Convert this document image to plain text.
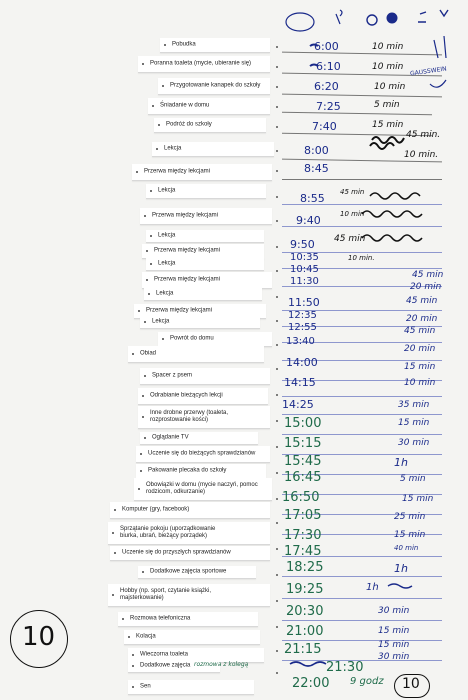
Pobudka
Poranna toaleta (mycie, ubieranie się)
Przygotowanie kanapek do szkoły
Śniadanie w domu
Podróż do szkoły
Lekcja
Przerwa między lekcjami
Lekcja
Przerwa między lekcjami
Lekcja
Przerwa między lekcjami
Lekcja
Przerwa między lekcjami
Lekcja
Przerwa między lekcjami
Lekcja
Powrót do domu
Obiad
Spacer z psem
Odrabianie bieżących lekcji
Inne drobne przerwy (toaleta,
rozprostowanie kości)
Oglądanie TV
Uczenie się do bieżących sprawdzianów
Pakowanie plecaka do szkoły
Obowiązki w domu (mycie naczyń, pomoc
rodzicom, odkurzanie)
Komputer (gry, facebook)
Sprzątanie pokoju (uporządkowanie
biurka, ubrań, bieżący porządek)
Uczenie się do przyszłych sprawdzianów
Dodatkowe zajęcia sportowe
Hobby (np. sport, czytanie książki,
majsterkowanie)
Rozmowa telefoniczna
Kolacja
Wieczorna toaleta
Dodatkowe zajęcia
Sen
6:00
6:10
6:20
7:25
7:40
8:00
8:45
8:55
9:40
9:50
10:35
10:45
11:30
11:50
12:35
12:55
13:40
14:00
14:15
14:25
15:00
15:15
15:45
16:45
16:50
17:05
17:30
17:45
18:25
19:25
20:30
21:00
21:15
21:30
22:00
10 min
10 min
10 min
5 min
15 min
45 min.
10 min.
45 min
10 min
45 min
10 min.
45 min
20 min
45 min
20 min
45 min
20 min
15 min
10 min
35 min
15 min
30 min
1h
5 min
15 min
25 min
15 min
40 min
1h
1h
30 min
15 min
15 min
30 min
9 godz
rozmowa z kolegą
GAUSSWEIN
10
10
